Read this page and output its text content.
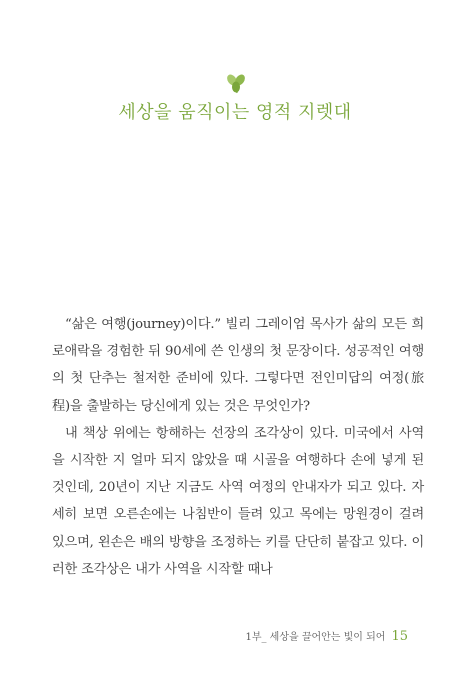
세상을 움직이는 영적 지렛대

“삶은 여행(journey)이다.” 빌리 그레이엄 목사가 삶의 모든 희로애락을 경험한 뒤 90세에 쓴 인생의 첫 문장이다. 성공적인 여행의 첫 단추는 철저한 준비에 있다. 그렇다면 전인미답의 여정(旅程)을 출발하는 당신에게 있는 것은 무엇인가?

내 책상 위에는 항해하는 선장의 조각상이 있다. 미국에서 사역을 시작한 지 얼마 되지 않았을 때 시골을 여행하다 손에 넣게 된 것인데, 20년이 지난 지금도 사역 여정의 안내자가 되고 있다. 자세히 보면 오른손에는 나침반이 들려 있고 목에는 망원경이 걸려 있으며, 왼손은 배의 방향을 조정하는 키를 단단히 붙잡고 있다. 이러한 조각상은 내가 사역을 시작할 때나

1부_ 세상을 끌어안는 빛이 되어 15
